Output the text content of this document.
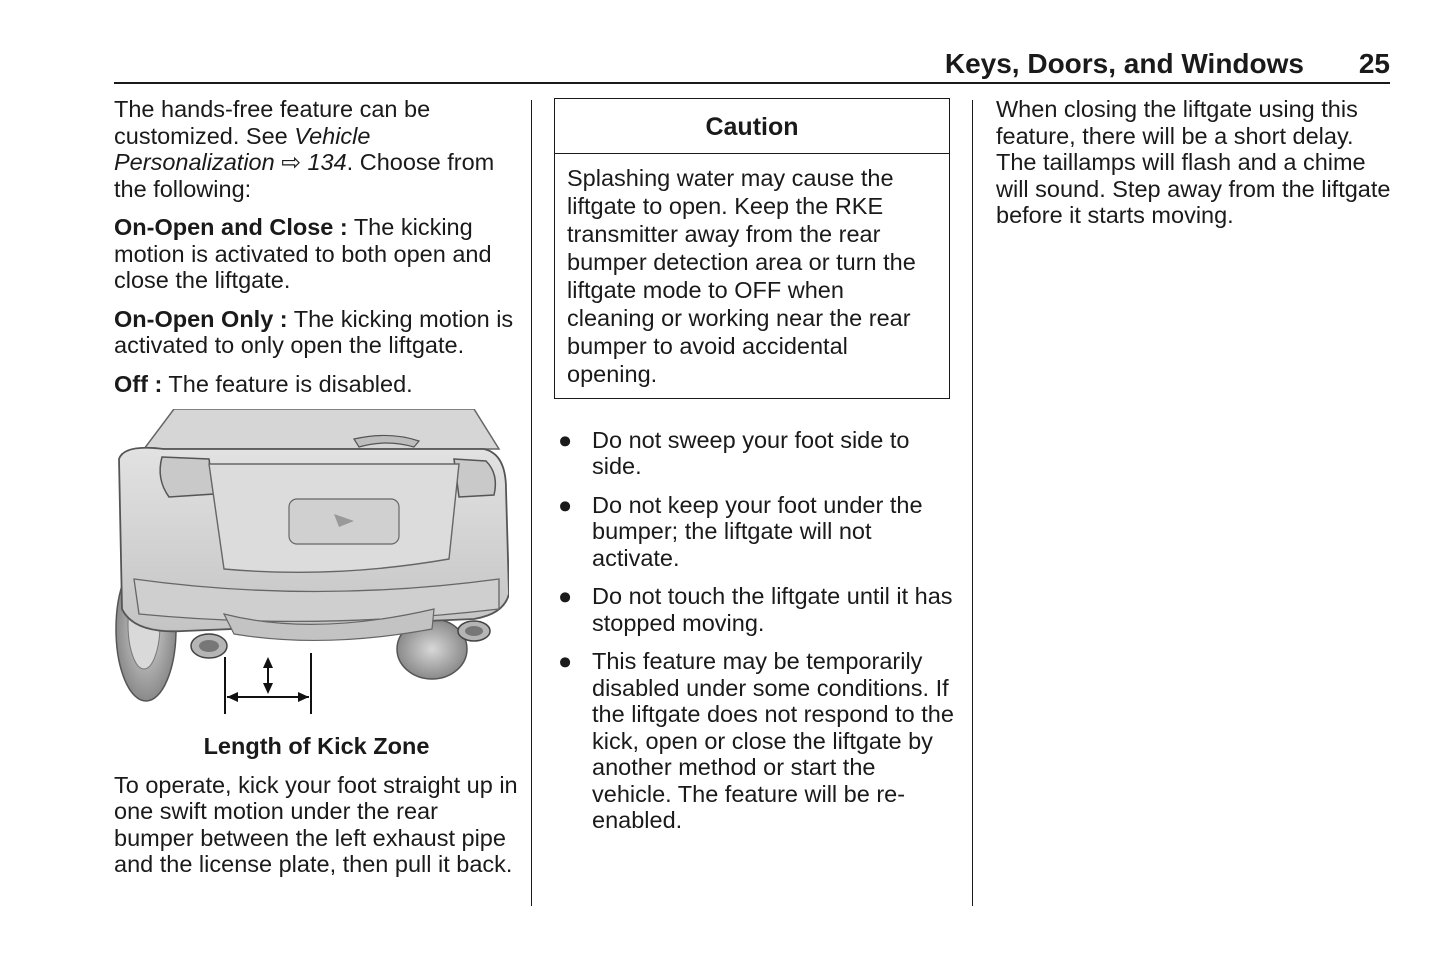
Keys, Doors, and Windows 25

The hands-free feature can be customized. See Vehicle Personalization ⇨ 134. Choose from the following:

On-Open and Close : The kicking motion is activated to both open and close the liftgate.

On-Open Only : The kicking motion is activated to only open the liftgate.

Off : The feature is disabled.

Length of Kick Zone

To operate, kick your foot straight up in one swift motion under the rear bumper between the left exhaust pipe and the license plate, then pull it back.

Caution
Splashing water may cause the liftgate to open. Keep the RKE transmitter away from the rear bumper detection area or turn the liftgate mode to OFF when cleaning or working near the rear bumper to avoid accidental opening.
● Do not sweep your foot side to side.
● Do not keep your foot under the bumper; the liftgate will not activate.
● Do not touch the liftgate until it has stopped moving.
● This feature may be temporarily disabled under some conditions. If the liftgate does not respond to the kick, open or close the liftgate by another method or start the vehicle. The feature will be re-enabled.

When closing the liftgate using this feature, there will be a short delay. The taillamps will flash and a chime will sound. Step away from the liftgate before it starts moving.
